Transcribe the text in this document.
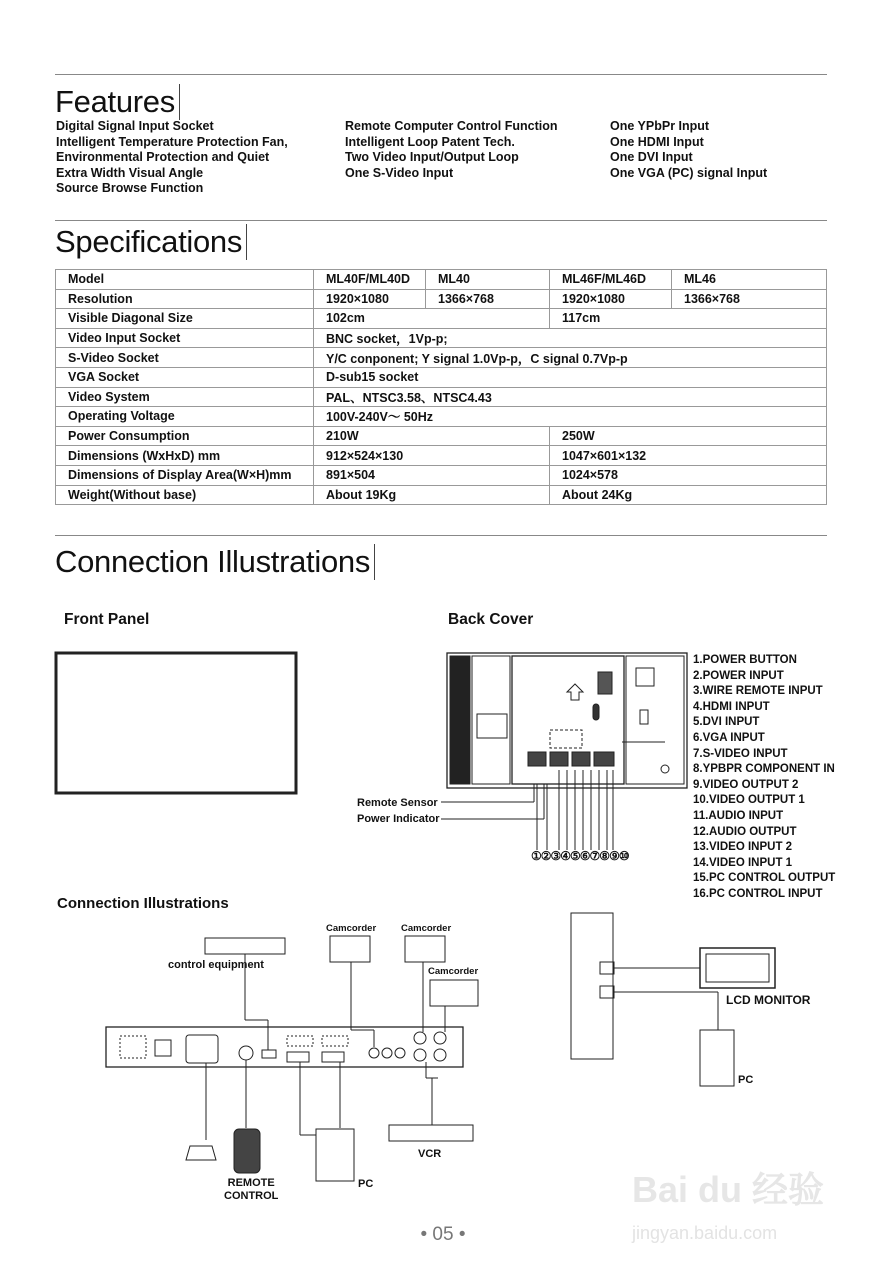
Features
Digital Signal Input Socket
Intelligent Temperature Protection Fan,
Environmental Protection and Quiet
Extra Width Visual Angle
Source Browse Function
Remote Computer Control Function
Intelligent Loop Patent Tech.
Two Video Input/Output Loop
One S-Video Input
One YPbPr Input
One HDMI Input
One DVI Input
One VGA (PC) signal Input
Specifications
Model	ML40F/ML40D	ML40	ML46F/ML46D	ML46
Resolution	1920×1080	1366×768	1920×1080	1366×768
Visible Diagonal Size	102cm		117cm	
Video Input Socket	BNC socket，1Vp-p;			
S-Video Socket	Y/C conponent; Y signal 1.0Vp-p，C signal 0.7Vp-p			
VGA Socket	D-sub15 socket			
Video System	PAL、NTSC3.58、NTSC4.43			
Operating Voltage	100V-240V～ 50Hz			
Power Consumption	210W		250W	
Dimensions (WxHxD) mm	912×524×130		1047×601×132	
Dimensions of Display Area(W×H)mm	891×504		1024×578	
Weight(Without base)	About 19Kg		About 24Kg	
Connection Illustrations
Front Panel	Back Cover
Connection Illustrations
Remote Sensor
Power Indicator
①②③④⑤⑥⑦⑧⑨⑩
1.POWER BUTTON
2.POWER INPUT
3.WIRE REMOTE INPUT
4.HDMI INPUT
5.DVI INPUT
6.VGA INPUT
7.S-VIDEO INPUT
8.YPBPR COMPONENT IN
9.VIDEO OUTPUT 2
10.VIDEO OUTPUT 1
11.AUDIO INPUT
12.AUDIO OUTPUT
13.VIDEO INPUT 2
14.VIDEO INPUT 1
15.PC CONTROL OUTPUT
16.PC CONTROL INPUT
control equipment
Camcorder	Camcorder
Camcorder
REMOTE
CONTROL
PC
VCR
LCD MONITOR
PC
• 05 •
Bai du 经验
jingyan.baidu.com
